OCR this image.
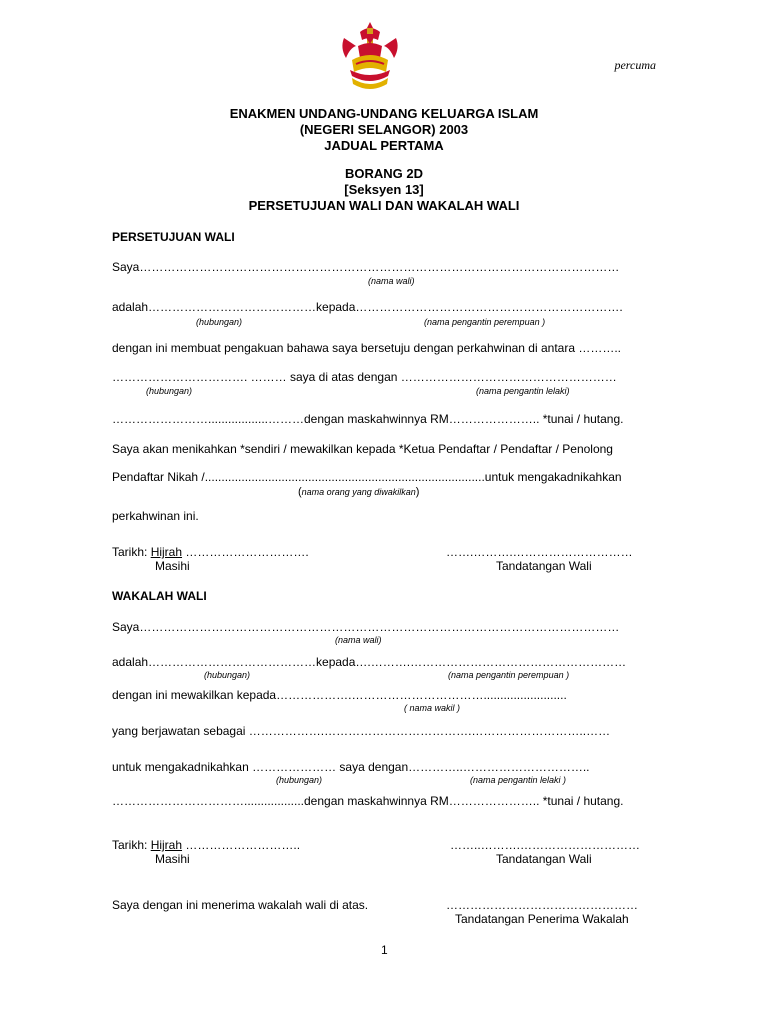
percuma
ENAKMEN UNDANG-UNDANG KELUARGA ISLAM
(NEGERI SELANGOR) 2003
JADUAL PERTAMA
BORANG 2D
[Seksyen 13]
PERSETUJUAN WALI DAN WAKALAH WALI
PERSETUJUAN WALI
Saya…………………………………………………………………………………………………………
(nama wali)
adalah……………………………………kepada………………………………………………………….
(hubungan)	(nama pengantin perempuan )
dengan ini membuat pengakuan bahawa saya bersetuju dengan perkahwinan di antara ………..
……………………………. ……… saya di atas dengan ………………………………………………
(hubungan)	(nama pengantin lelaki)
……………………..................………dengan maskahwinnya RM………………….. *tunai / hutang.
Saya akan menikahkan *sendiri / mewakilkan kepada *Ketua Pendaftar / Pendaftar / Penolong
Pendaftar Nikah /....................................................................................untuk mengakadnikahkan
(nama orang yang diwakilkan)
perkahwinan ini.
Tarikh: Hijrah ………………………….
Masihi
…….……….…………………………
Tandatangan Wali
WAKALAH WALI
Saya…………………………………………………………………………………………………………
(nama wali)
adalah……………………………………kepada….……….………………………………………………
(hubungan)	(nama pengantin perempuan )
dengan ini mewakilkan kepada……………….…………………………….........................
( nama wakil )
yang berjawatan sebagai ……………….……………………………….………………………..……
untuk mengakadnikahkan ………………… saya dengan…………..…………………………..
(hubungan)	(nama pengantin lelaki )
……………………………..................dengan maskahwinnya RM………………….. *tunai / hutang.
Tarikh: Hijrah ………………………..
Masihi
……..……….…………………………
Tandatangan Wali
Saya dengan ini menerima wakalah wali di atas.	…………………………………………
Tandatangan Penerima Wakalah
1
